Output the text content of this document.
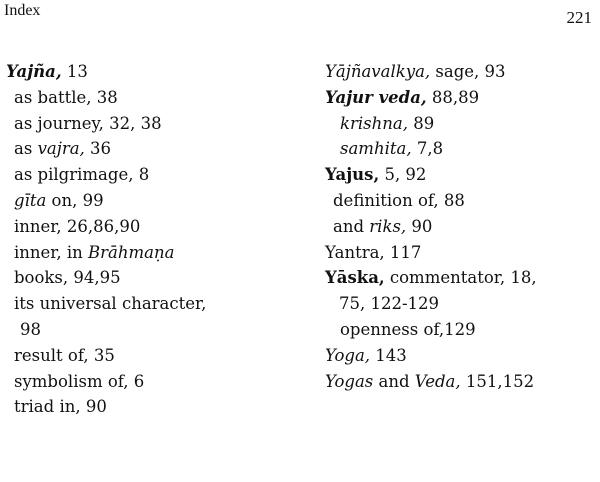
Index	221
Yajña, 13
as battle, 38
as journey, 32, 38
as vajra, 36
as pilgrimage, 8
gīta on, 99
inner, 26,86,90
inner, in Brāhmaṇa
books, 94,95
its universal character,
98
result of, 35
symbolism of, 6
triad in, 90
Yājñavalkya, sage, 93
Yajur veda, 88,89
krishna, 89
samhita, 7,8
Yajus, 5, 92
definition of, 88
and riks, 90
Yantra, 117
Yāska, commentator, 18,
75, 122-129
openness of,129
Yoga, 143
Yogas and Veda, 151,152
